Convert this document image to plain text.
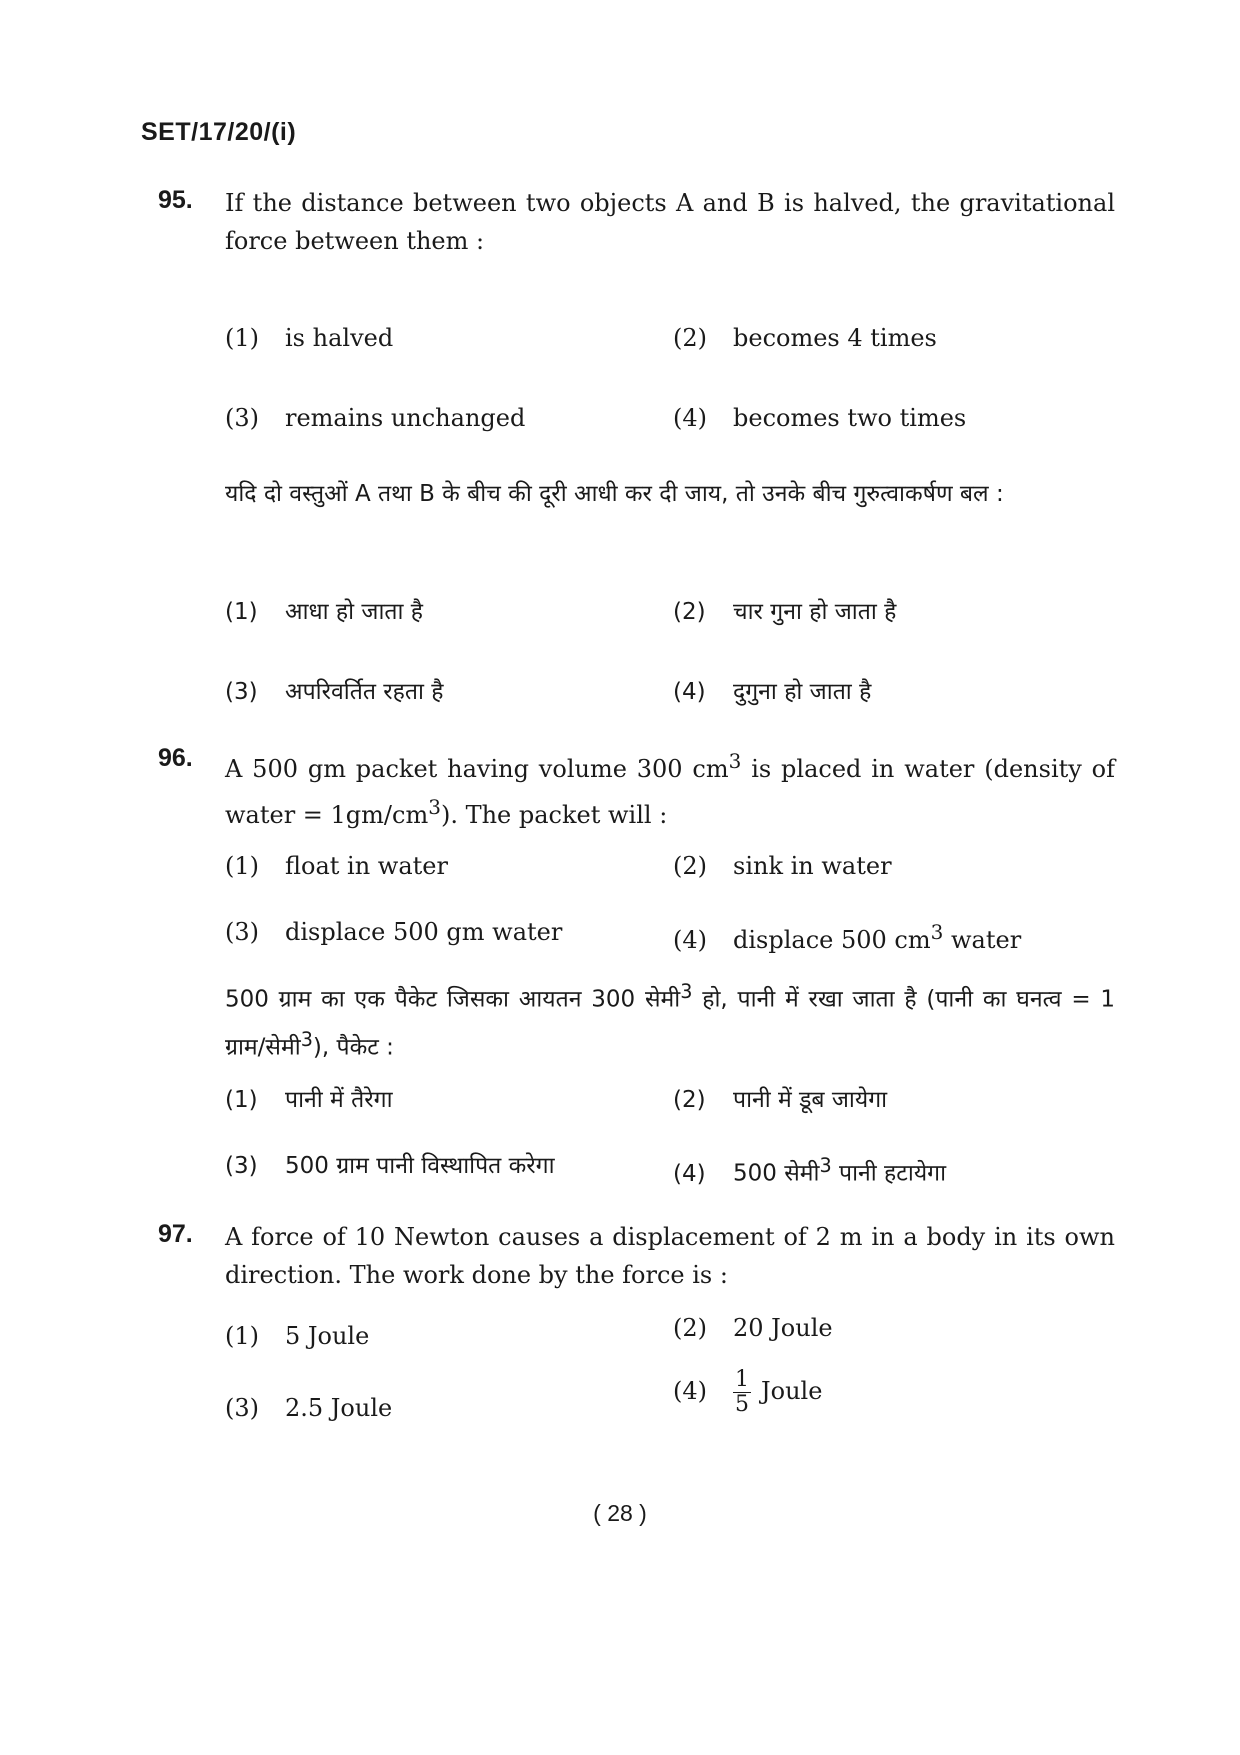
SET/17/20/(i)
95. If the distance between two objects A and B is halved, the gravitational force between them :
(1) is halved	(2) becomes 4 times
(3) remains unchanged	(4) becomes two times
यदि दो वस्तुओं A तथा B के बीच की दूरी आधी कर दी जाय, तो उनके बीच गुरुत्वाकर्षण बल :
(1) आधा हो जाता है	(2) चार गुना हो जाता है
(3) अपरिवर्तित रहता है	(4) दुगुना हो जाता है
96. A 500 gm packet having volume 300 $cm^3$ is placed in water (density of water = $1gm/cm^3$). The packet will :
(1) float in water	(2) sink in water
(3) displace 500 gm water	(4) displace 500 $cm^3$ water
500 ग्राम का एक पैकेट जिसका आयतन 300 सेमी$^3$ हो, पानी में रखा जाता है (पानी का घनत्व = 1 ग्राम/सेमी$^3$), पैकेट :
(1) पानी में तैरेगा	(2) पानी में डूब जायेगा
(3) 500 ग्राम पानी विस्थापित करेगा	(4) 500 सेमी$^3$ पानी हटायेगा
97. A force of 10 Newton causes a displacement of 2 m in a body in its own direction. The work done by the force is :
(1) 5 Joule	(2) 20 Joule
(3) 2.5 Joule
$(4) \frac{1}{5}$ Joule
( 28 )
